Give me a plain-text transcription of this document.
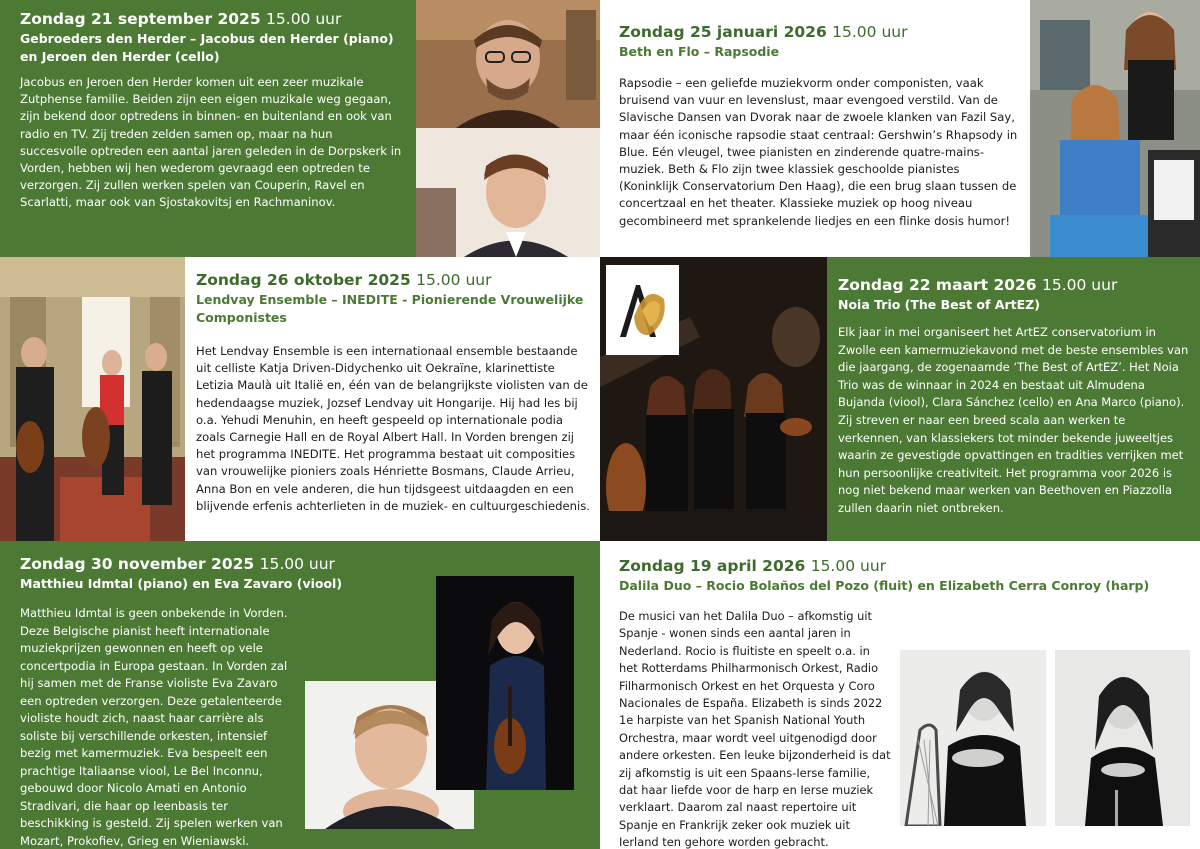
Zondag 21 september 2025 15.00 uur
Gebroeders den Herder – Jacobus den Herder (piano) en Jeroen den Herder (cello)
Jacobus en Jeroen den Herder komen uit een zeer muzikale Zutphense familie. Beiden zijn een eigen muzikale weg gegaan, zijn bekend door optredens in binnen- en buitenland en ook van radio en TV. Zij treden zelden samen op, maar na hun succesvolle optreden een aantal jaren geleden in de Dorpskerk in Vorden, hebben wij hen wederom gevraagd een optreden te verzorgen. Zij zullen werken spelen van Couperin, Ravel en Scarlatti, maar ook van Sjostakovitsj en Rachmaninov.
Zondag 25 januari 2026 15.00 uur
Beth en Flo – Rapsodie
Rapsodie – een geliefde muziekvorm onder componisten, vaak bruisend van vuur en levenslust, maar evengoed verstild. Van de Slavische Dansen van Dvorak naar de zwoele klanken van Fazil Say, maar één iconische rapsodie staat centraal: Gershwin’s Rhapsody in Blue. Eén vleugel, twee pianisten en zinderende quatre-mains-muziek. Beth & Flo zijn twee klassiek geschoolde pianistes (Koninklijk Conservatorium Den Haag), die een brug slaan tussen de concertzaal en het theater. Klassieke muziek op hoog niveau gecombineerd met sprankelende liedjes en een flinke dosis humor!
Zondag 26 oktober 2025 15.00 uur
Lendvay Ensemble – INEDITE - Pionierende Vrouwelijke Componistes
Het Lendvay Ensemble is een internationaal ensemble bestaande uit celliste Katja Driven-Didychenko uit Oekraïne, klarinettiste Letizia Maulà uit Italië en, één van de belangrijkste violisten van de hedendaagse muziek, Jozsef Lendvay uit Hongarije. Hij had les bij o.a. Yehudi Menuhin, en heeft gespeeld op internationale podia zoals Carnegie Hall en de Royal Albert Hall. In Vorden brengen zij het programma INEDITE. Het programma bestaat uit composities van vrouwelijke pioniers zoals Hénriette Bosmans, Claude Arrieu, Anna Bon en vele anderen, die hun tijdsgeest uitdaagden en een blijvende erfenis achterlieten in de muziek- en cultuurgeschiedenis.
Zondag 22 maart 2026 15.00 uur
Noia Trio (The Best of ArtEZ)
Elk jaar in mei organiseert het ArtEZ conservatorium in Zwolle een kamermuziekavond met de beste ensembles van die jaargang, de zogenaamde ‘The Best of ArtEZ’. Het Noia Trio was de winnaar in 2024 en bestaat uit Almudena Bujanda (viool), Clara Sánchez (cello) en Ana Marco (piano). Zij streven er naar een breed scala aan werken te verkennen, van klassiekers tot minder bekende juweeltjes waarin ze gevestigde opvattingen en tradities verrijken met hun persoonlijke creativiteit. Het programma voor 2026 is nog niet bekend maar werken van Beethoven en Piazzolla zullen daarin niet ontbreken.
Zondag 30 november 2025 15.00 uur
Matthieu Idmtal (piano) en Eva Zavaro (viool)
Matthieu Idmtal is geen onbekende in Vorden. Deze Belgische pianist heeft internationale muziekprijzen gewonnen en heeft op vele concertpodia in Europa gestaan. In Vorden zal hij samen met de Franse violiste Eva Zavaro een optreden verzorgen. Deze getalenteerde violiste houdt zich, naast haar carrière als soliste bij verschillende orkesten, intensief bezig met kamermuziek. Eva bespeelt een prachtige Italiaanse viool, Le Bel Inconnu, gebouwd door Nicolo Amati en Antonio Stradivari, die haar op leenbasis ter beschikking is gesteld. Zij spelen werken van Mozart, Prokofiev, Grieg en Wieniawski.
Zondag 19 april 2026 15.00 uur
Dalila Duo – Rocio Bolaños del Pozo (fluit) en Elizabeth Cerra Conroy (harp)
De musici van het Dalila Duo – afkomstig uit Spanje - wonen sinds een aantal jaren in Nederland. Rocio is fluitiste en speelt o.a. in het Rotterdams Philharmonisch Orkest, Radio Filharmonisch Orkest en het Orquesta y Coro Nacionales de España. Elizabeth is sinds 2022 1e harpiste van het Spanish National Youth Orchestra, maar wordt veel uitgenodigd door andere orkesten. Een leuke bijzonderheid is dat zij afkomstig is uit een Spaans-Ierse familie, dat haar liefde voor de harp en Ierse muziek verklaart. Daarom zal naast repertoire uit Spanje en Frankrijk zeker ook muziek uit Ierland ten gehore worden gebracht.
